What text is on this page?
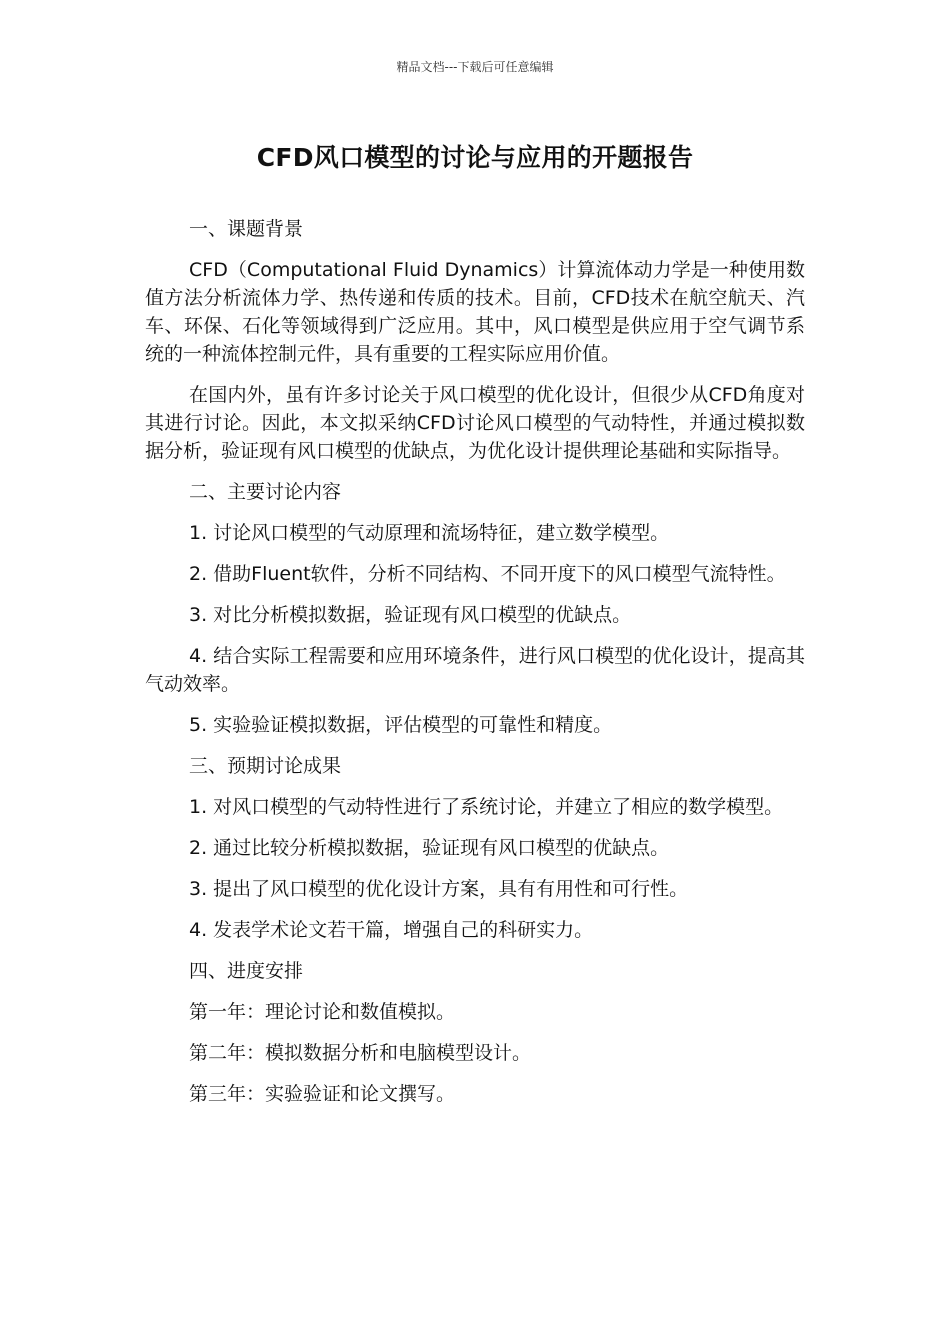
精品文档---下载后可任意编辑
CFD风口模型的讨论与应用的开题报告

一、课题背景

CFD（Computational Fluid Dynamics）计算流体动力学是一种使用数值方法分析流体力学、热传递和传质的技术。目前，CFD技术在航空航天、汽车、环保、石化等领域得到广泛应用。其中，风口模型是供应用于空气调节系统的一种流体控制元件，具有重要的工程实际应用价值。

在国内外，虽有许多讨论关于风口模型的优化设计，但很少从CFD角度对其进行讨论。因此，本文拟采纳CFD讨论风口模型的气动特性，并通过模拟数据分析，验证现有风口模型的优缺点，为优化设计提供理论基础和实际指导。

二、主要讨论内容

1. 讨论风口模型的气动原理和流场特征，建立数学模型。

2. 借助Fluent软件，分析不同结构、不同开度下的风口模型气流特性。

3. 对比分析模拟数据，验证现有风口模型的优缺点。

4. 结合实际工程需要和应用环境条件，进行风口模型的优化设计，提高其气动效率。

5. 实验验证模拟数据，评估模型的可靠性和精度。

三、预期讨论成果

1. 对风口模型的气动特性进行了系统讨论，并建立了相应的数学模型。

2. 通过比较分析模拟数据，验证现有风口模型的优缺点。

3. 提出了风口模型的优化设计方案，具有有用性和可行性。

4. 发表学术论文若干篇，增强自己的科研实力。

四、进度安排

第一年：理论讨论和数值模拟。

第二年：模拟数据分析和电脑模型设计。

第三年：实验验证和论文撰写。
